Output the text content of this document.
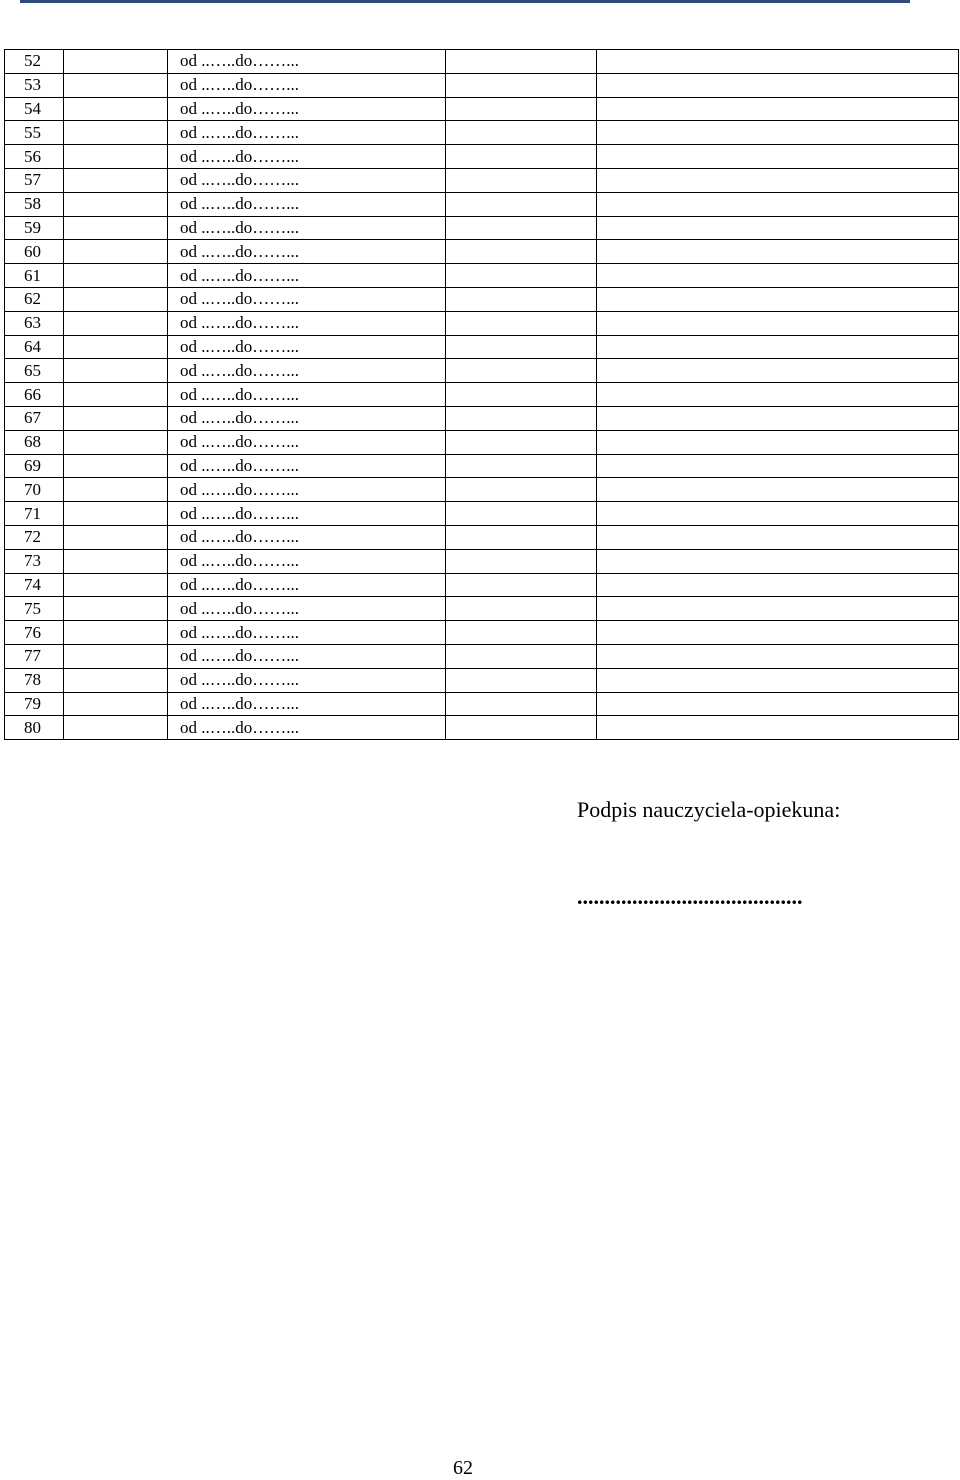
52		od ..…..do……...		
53		od ..…..do……...		
54		od ..…..do……...		
55		od ..…..do……...		
56		od ..…..do……...		
57		od ..…..do……...		
58		od ..…..do……...		
59		od ..…..do……...		
60		od ..…..do……...		
61		od ..…..do……...		
62		od ..…..do……...		
63		od ..…..do……...		
64		od ..…..do……...		
65		od ..…..do……...		
66		od ..…..do……...		
67		od ..…..do……...		
68		od ..…..do……...		
69		od ..…..do……...		
70		od ..…..do……...		
71		od ..…..do……...		
72		od ..…..do……...		
73		od ..…..do……...		
74		od ..…..do……...		
75		od ..…..do……...		
76		od ..…..do……...		
77		od ..…..do……...		
78		od ..…..do……...		
79		od ..…..do……...		
80		od ..…..do……...		
Podpis nauczyciela-opiekuna:
.........................................
62
